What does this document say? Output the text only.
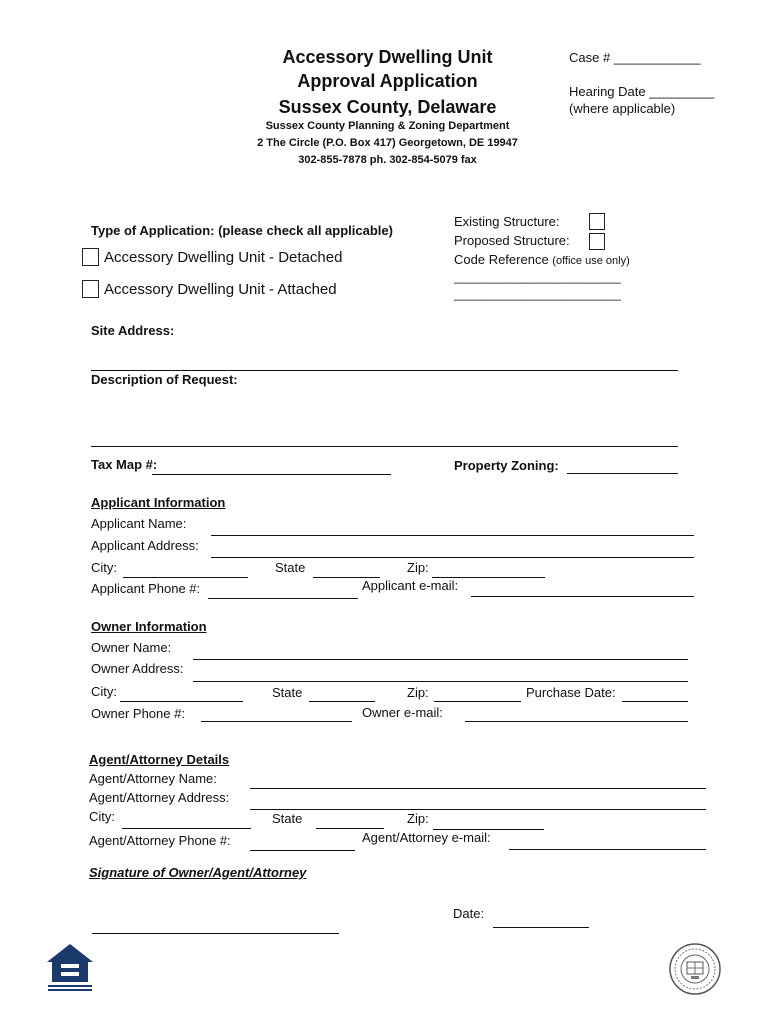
Accessory Dwelling Unit
Approval Application
Sussex County, Delaware
Sussex County Planning & Zoning Department
2 The Circle (P.O. Box 417) Georgetown, DE 19947
302-855-7878 ph. 302-854-5079 fax
Case # ____________
Hearing Date _________
(where applicable)
Type of Application: (please check all applicable)
Accessory Dwelling Unit - Detached
Accessory Dwelling Unit - Attached
Existing Structure:
Proposed Structure:
Code Reference (office use only)
_________________________
_________________________
Site Address:
Description of Request:
Tax Map #:	Property Zoning:
Applicant Information
Applicant Name:
Applicant Address:
City:	State	Zip:
Applicant Phone #:	Applicant e-mail:
Owner Information
Owner Name:
Owner Address:
City:	State	Zip:	Purchase Date:
Owner Phone #:	Owner e-mail:
Agent/Attorney Details
Agent/Attorney Name:
Agent/Attorney Address:
City:	State	Zip:
Agent/Attorney Phone #:	Agent/Attorney e-mail:
Signature of Owner/Agent/Attorney
Date:
